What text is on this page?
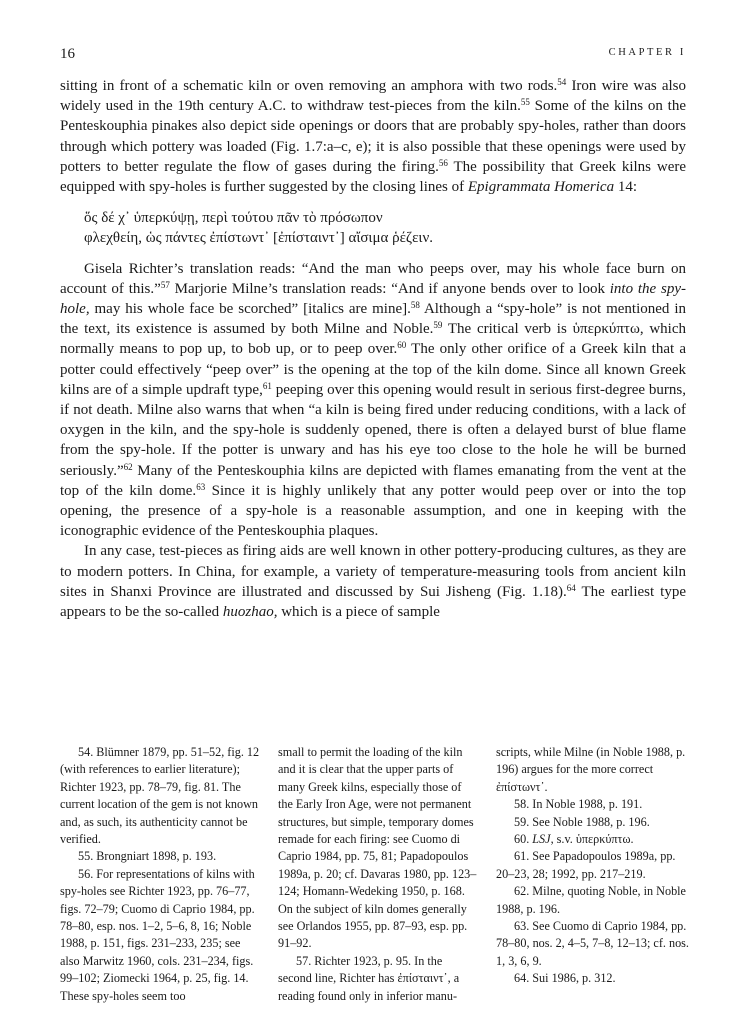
16	CHAPTER I

sitting in front of a schematic kiln or oven removing an amphora with two rods.$^{54}$ Iron wire was also widely used in the 19th century A.C. to withdraw test-pieces from the kiln.$^{55}$ Some of the kilns on the Penteskouphia pinakes also depict side openings or doors that are probably spy-holes, rather than doors through which pottery was loaded (Fig. 1.7:a–c, e); it is also possible that these openings were used by potters to better regulate the flow of gases during the firing.$^{56}$ The possibility that Greek kilns were equipped with spy-holes is further suggested by the closing lines of Epigrammata Homerica 14:

ὅς δέ χ᾽ ὑπερκύψῃ, περὶ τούτου πᾶν τὸ πρόσωπον
φλεχθείη, ὡς πάντες ἐπίστωντ᾽ [ἐπίσταιντ᾽] αἴσιμα ῥέζειν.

Gisela Richter’s translation reads: “And the man who peeps over, may his whole face burn on account of this.”$^{57}$ Marjorie Milne’s translation reads: “And if anyone bends over to look into the spy-hole, may his whole face be scorched” [italics are mine].$^{58}$ Although a “spy-hole” is not mentioned in the text, its existence is assumed by both Milne and Noble.$^{59}$ The critical verb is ὑπερκύπτω, which normally means to pop up, to bob up, or to peep over.$^{60}$ The only other orifice of a Greek kiln that a potter could effectively “peep over” is the opening at the top of the kiln dome. Since all known Greek kilns are of a simple updraft type,$^{61}$ peeping over this opening would result in serious first-degree burns, if not death. Milne also warns that when “a kiln is being fired under reducing conditions, with a lack of oxygen in the kiln, and the spy-hole is suddenly opened, there is often a delayed burst of blue flame from the spy-hole. If the potter is unwary and has his eye too close to the hole he will be burned seriously.”$^{62}$ Many of the Penteskouphia kilns are depicted with flames emanating from the vent at the top of the kiln dome.$^{63}$ Since it is highly unlikely that any potter would peep over or into the top opening, the presence of a spy-hole is a reasonable assumption, and one in keeping with the iconographic evidence of the Penteskouphia plaques.

In any case, test-pieces as firing aids are well known in other pottery-producing cultures, as they are to modern potters. In China, for example, a variety of temperature-measuring tools from ancient kiln sites in Shanxi Province are illustrated and discussed by Sui Jisheng (Fig. 1.18).$^{64}$ The earliest type appears to be the so-called huozhao, which is a piece of sample

54. Blümner 1879, pp. 51–52, fig. 12 (with references to earlier literature); Richter 1923, pp. 78–79, fig. 81. The current location of the gem is not known and, as such, its authenticity cannot be verified.

55. Brongniart 1898, p. 193.

56. For representations of kilns with spy-holes see Richter 1923, pp. 76–77, figs. 72–79; Cuomo di Caprio 1984, pp. 78–80, esp. nos. 1–2, 5–6, 8, 16; Noble 1988, p. 151, figs. 231–233, 235; see also Marwitz 1960, cols. 231–234, figs. 99–102; Ziomecki 1964, p. 25, fig. 14. These spy-holes seem too

small to permit the loading of the kiln and it is clear that the upper parts of many Greek kilns, especially those of the Early Iron Age, were not permanent structures, but simple, temporary domes remade for each firing: see Cuomo di Caprio 1984, pp. 75, 81; Papadopoulos 1989a, p. 20; cf. Davaras 1980, pp. 123–124; Homann-Wedeking 1950, p. 168. On the subject of kiln domes generally see Orlandos 1955, pp. 87–93, esp. pp. 91–92.

57. Richter 1923, p. 95. In the second line, Richter has ἐπίσταιντ᾽, a reading found only in inferior manu-

scripts, while Milne (in Noble 1988, p. 196) argues for the more correct ἐπίστωντ᾽.

58. In Noble 1988, p. 191.

59. See Noble 1988, p. 196.

60. LSJ, s.v. ὑπερκύπτω.

61. See Papadopoulos 1989a, pp. 20–23, 28; 1992, pp. 217–219.

62. Milne, quoting Noble, in Noble 1988, p. 196.

63. See Cuomo di Caprio 1984, pp. 78–80, nos. 2, 4–5, 7–8, 12–13; cf. nos. 1, 3, 6, 9.

64. Sui 1986, p. 312.
